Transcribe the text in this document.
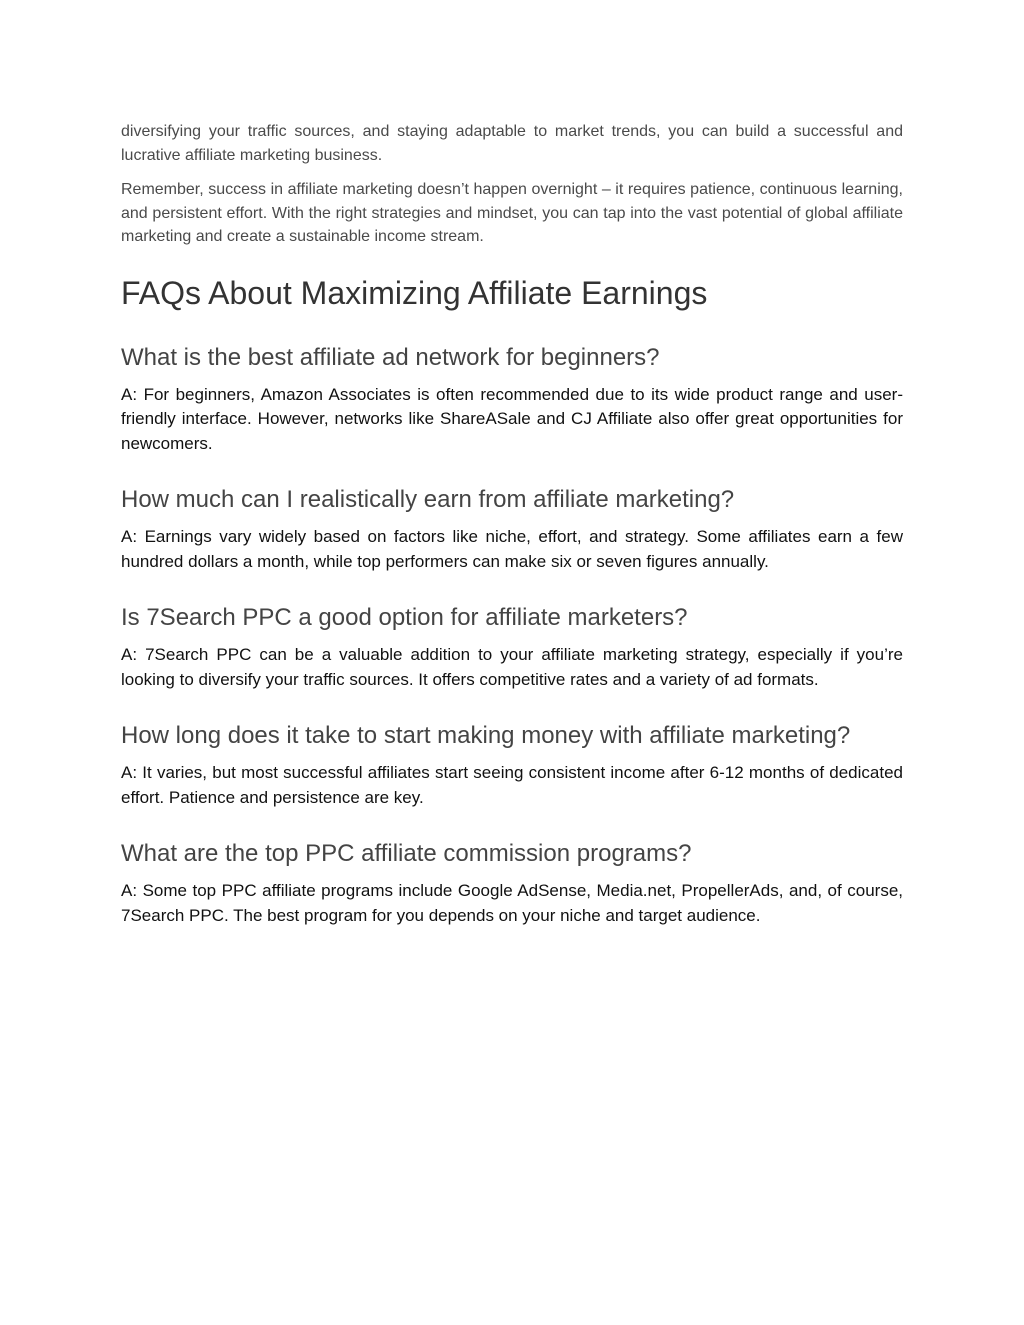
diversifying your traffic sources, and staying adaptable to market trends, you can build a successful and lucrative affiliate marketing business.

Remember, success in affiliate marketing doesn’t happen overnight – it requires patience, continuous learning, and persistent effort. With the right strategies and mindset, you can tap into the vast potential of global affiliate marketing and create a sustainable income stream.

FAQs About Maximizing Affiliate Earnings
What is the best affiliate ad network for beginners?

A: For beginners, Amazon Associates is often recommended due to its wide product range and user-friendly interface. However, networks like ShareASale and CJ Affiliate also offer great opportunities for newcomers.

How much can I realistically earn from affiliate marketing?

A: Earnings vary widely based on factors like niche, effort, and strategy. Some affiliates earn a few hundred dollars a month, while top performers can make six or seven figures annually.

Is 7Search PPC a good option for affiliate marketers?

A: 7Search PPC can be a valuable addition to your affiliate marketing strategy, especially if you’re looking to diversify your traffic sources. It offers competitive rates and a variety of ad formats.

How long does it take to start making money with affiliate marketing?

A: It varies, but most successful affiliates start seeing consistent income after 6-12 months of dedicated effort. Patience and persistence are key.

What are the top PPC affiliate commission programs?

A: Some top PPC affiliate programs include Google AdSense, Media.net, PropellerAds, and, of course, 7Search PPC. The best program for you depends on your niche and target audience.
